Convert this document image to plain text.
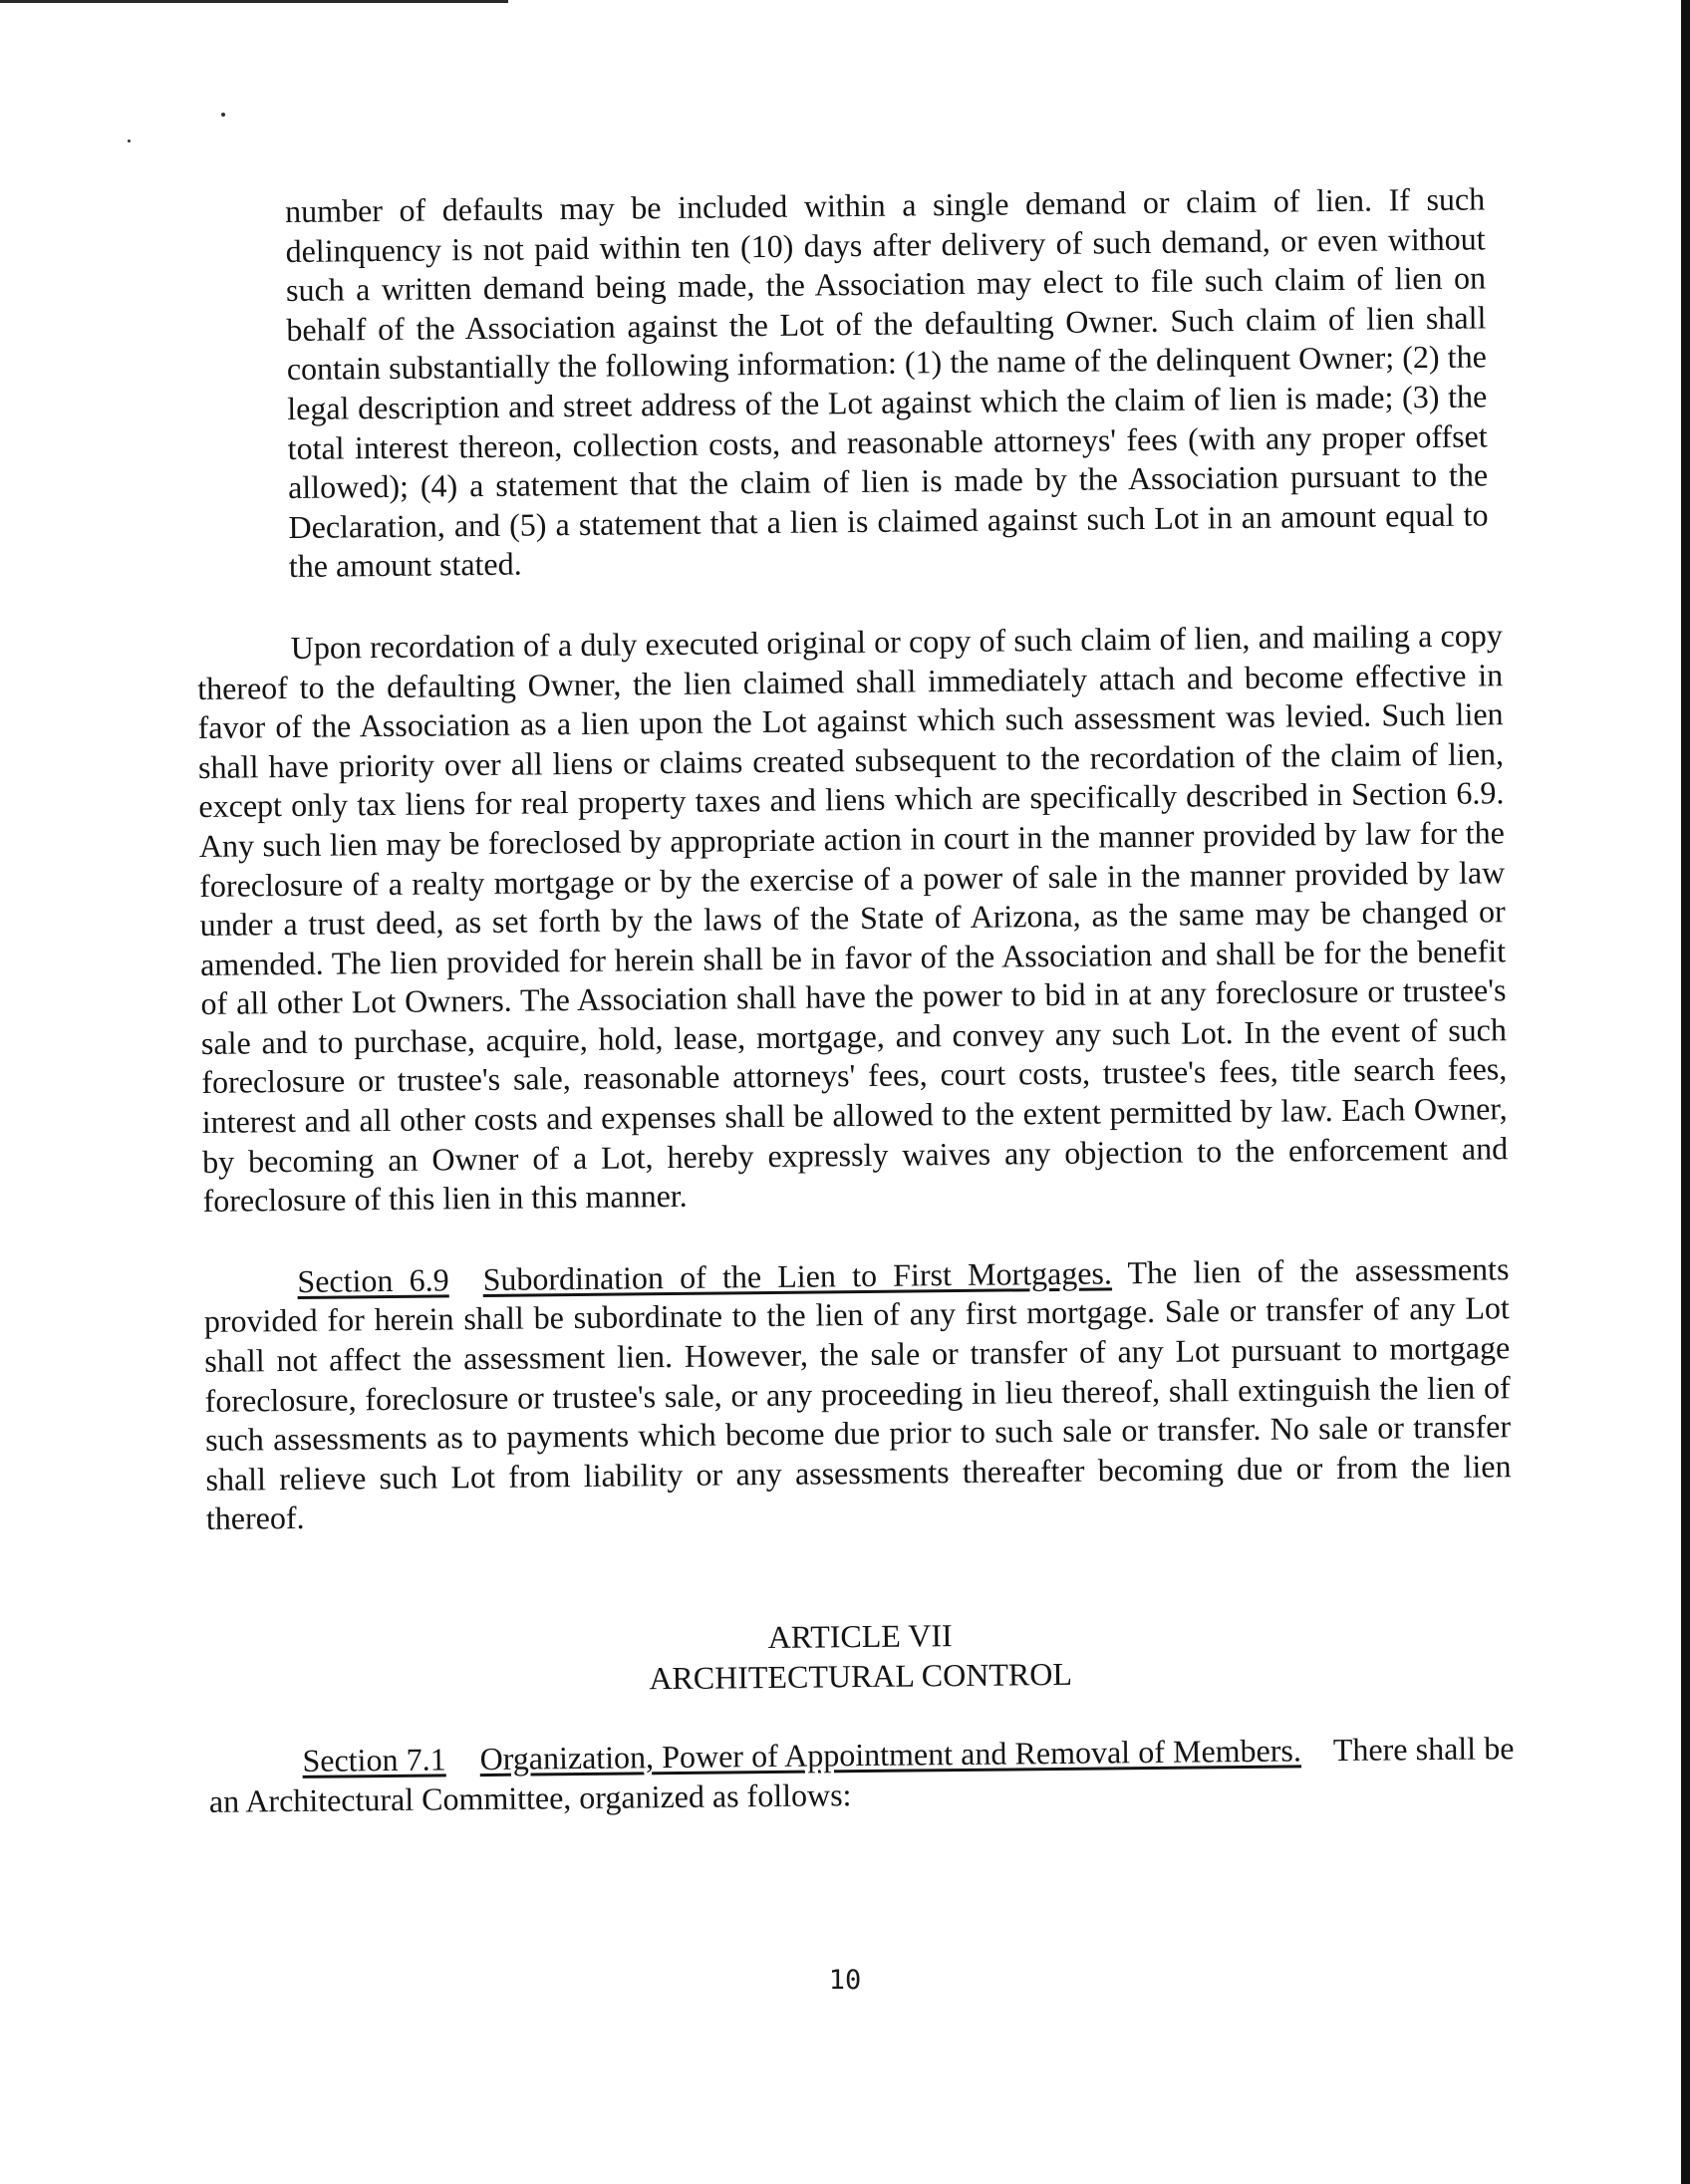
number of defaults may be included within a single demand or claim of lien. If such delinquency is not paid within ten (10) days after delivery of such demand, or even without such a written demand being made, the Association may elect to file such claim of lien on behalf of the Association against the Lot of the defaulting Owner. Such claim of lien shall contain substantially the following information: (1) the name of the delinquent Owner; (2) the legal description and street address of the Lot against which the claim of lien is made; (3) the total interest thereon, collection costs, and reasonable attorneys' fees (with any proper offset allowed); (4) a statement that the claim of lien is made by the Association pursuant to the Declaration, and (5) a statement that a lien is claimed against such Lot in an amount equal to the amount stated.

Upon recordation of a duly executed original or copy of such claim of lien, and mailing a copy thereof to the defaulting Owner, the lien claimed shall immediately attach and become effective in favor of the Association as a lien upon the Lot against which such assessment was levied. Such lien shall have priority over all liens or claims created subsequent to the recordation of the claim of lien, except only tax liens for real property taxes and liens which are specifically described in Section 6.9. Any such lien may be foreclosed by appropriate action in court in the manner provided by law for the foreclosure of a realty mortgage or by the exercise of a power of sale in the manner provided by law under a trust deed, as set forth by the laws of the State of Arizona, as the same may be changed or amended. The lien provided for herein shall be in favor of the Association and shall be for the benefit of all other Lot Owners. The Association shall have the power to bid in at any foreclosure or trustee's sale and to purchase, acquire, hold, lease, mortgage, and convey any such Lot. In the event of such foreclosure or trustee's sale, reasonable attorneys' fees, court costs, trustee's fees, title search fees, interest and all other costs and expenses shall be allowed to the extent permitted by law. Each Owner, by becoming an Owner of a Lot, hereby expressly waives any objection to the enforcement and foreclosure of this lien in this manner.

Section 6.9 Subordination of the Lien to First Mortgages. The lien of the assessments provided for herein shall be subordinate to the lien of any first mortgage. Sale or transfer of any Lot shall not affect the assessment lien. However, the sale or transfer of any Lot pursuant to mortgage foreclosure, foreclosure or trustee's sale, or any proceeding in lieu thereof, shall extinguish the lien of such assessments as to payments which become due prior to such sale or transfer. No sale or transfer shall relieve such Lot from liability or any assessments thereafter becoming due or from the lien thereof.

ARTICLE VII

ARCHITECTURAL CONTROL

Section 7.1 Organization, Power of Appointment and Removal of Members. There shall be an Architectural Committee, organized as follows:

10
